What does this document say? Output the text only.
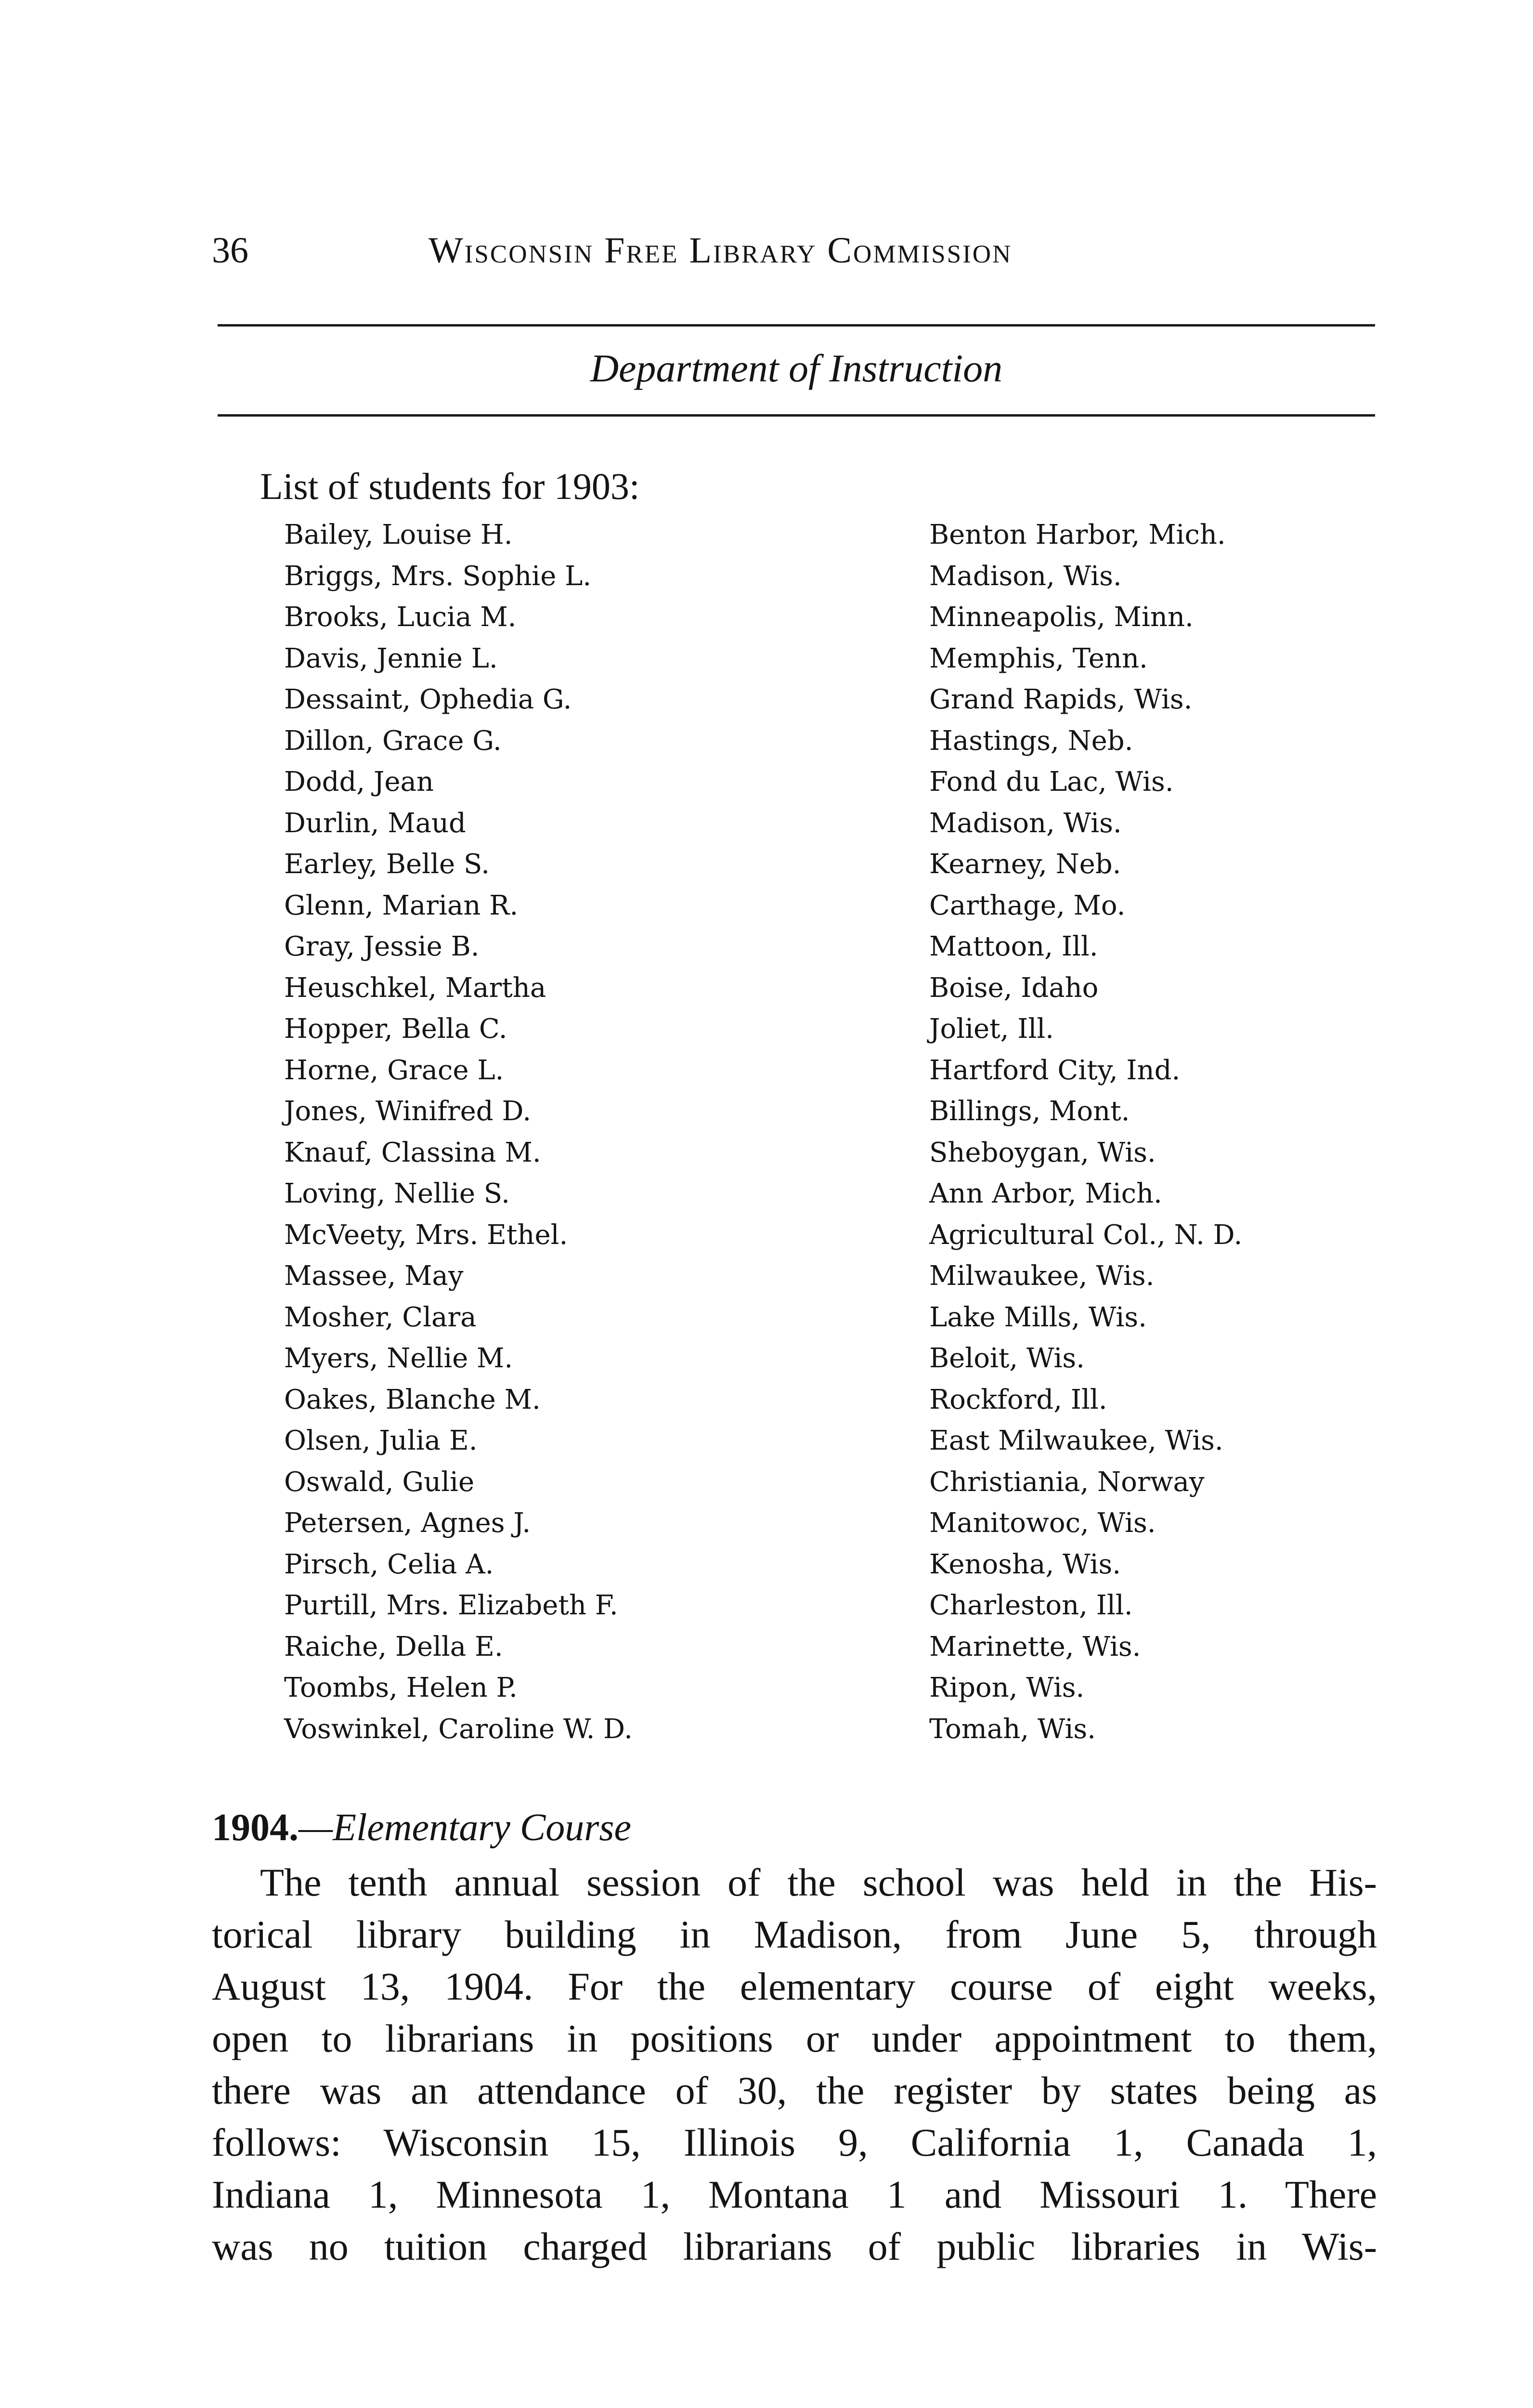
36	Wisconsin Free Library Commission
Department of Instruction
List of students for 1903:
Bailey, Louise H.	Benton Harbor, Mich.
Briggs, Mrs. Sophie L.	Madison, Wis.
Brooks, Lucia M.	Minneapolis, Minn.
Davis, Jennie L.	Memphis, Tenn.
Dessaint, Ophedia G.	Grand Rapids, Wis.
Dillon, Grace G.	Hastings, Neb.
Dodd, Jean	Fond du Lac, Wis.
Durlin, Maud	Madison, Wis.
Earley, Belle S.	Kearney, Neb.
Glenn, Marian R.	Carthage, Mo.
Gray, Jessie B.	Mattoon, Ill.
Heuschkel, Martha	Boise, Idaho
Hopper, Bella C.	Joliet, Ill.
Horne, Grace L.	Hartford City, Ind.
Jones, Winifred D.	Billings, Mont.
Knauf, Classina M.	Sheboygan, Wis.
Loving, Nellie S.	Ann Arbor, Mich.
McVeety, Mrs. Ethel.	Agricultural Col., N. D.
Massee, May	Milwaukee, Wis.
Mosher, Clara	Lake Mills, Wis.
Myers, Nellie M.	Beloit, Wis.
Oakes, Blanche M.	Rockford, Ill.
Olsen, Julia E.	East Milwaukee, Wis.
Oswald, Gulie	Christiania, Norway
Petersen, Agnes J.	Manitowoc, Wis.
Pirsch, Celia A.	Kenosha, Wis.
Purtill, Mrs. Elizabeth F.	Charleston, Ill.
Raiche, Della E.	Marinette, Wis.
Toombs, Helen P.	Ripon, Wis.
Voswinkel, Caroline W. D.	Tomah, Wis.
1904.—Elementary Course

The tenth annual session of the school was held in the His-
torical library building in Madison, from June 5, through
August 13, 1904. For the elementary course of eight weeks,
open to librarians in positions or under appointment to them,
there was an attendance of 30, the register by states being as
follows: Wisconsin 15, Illinois 9, California 1, Canada 1,
Indiana 1, Minnesota 1, Montana 1 and Missouri 1. There
was no tuition charged librarians of public libraries in Wis-
